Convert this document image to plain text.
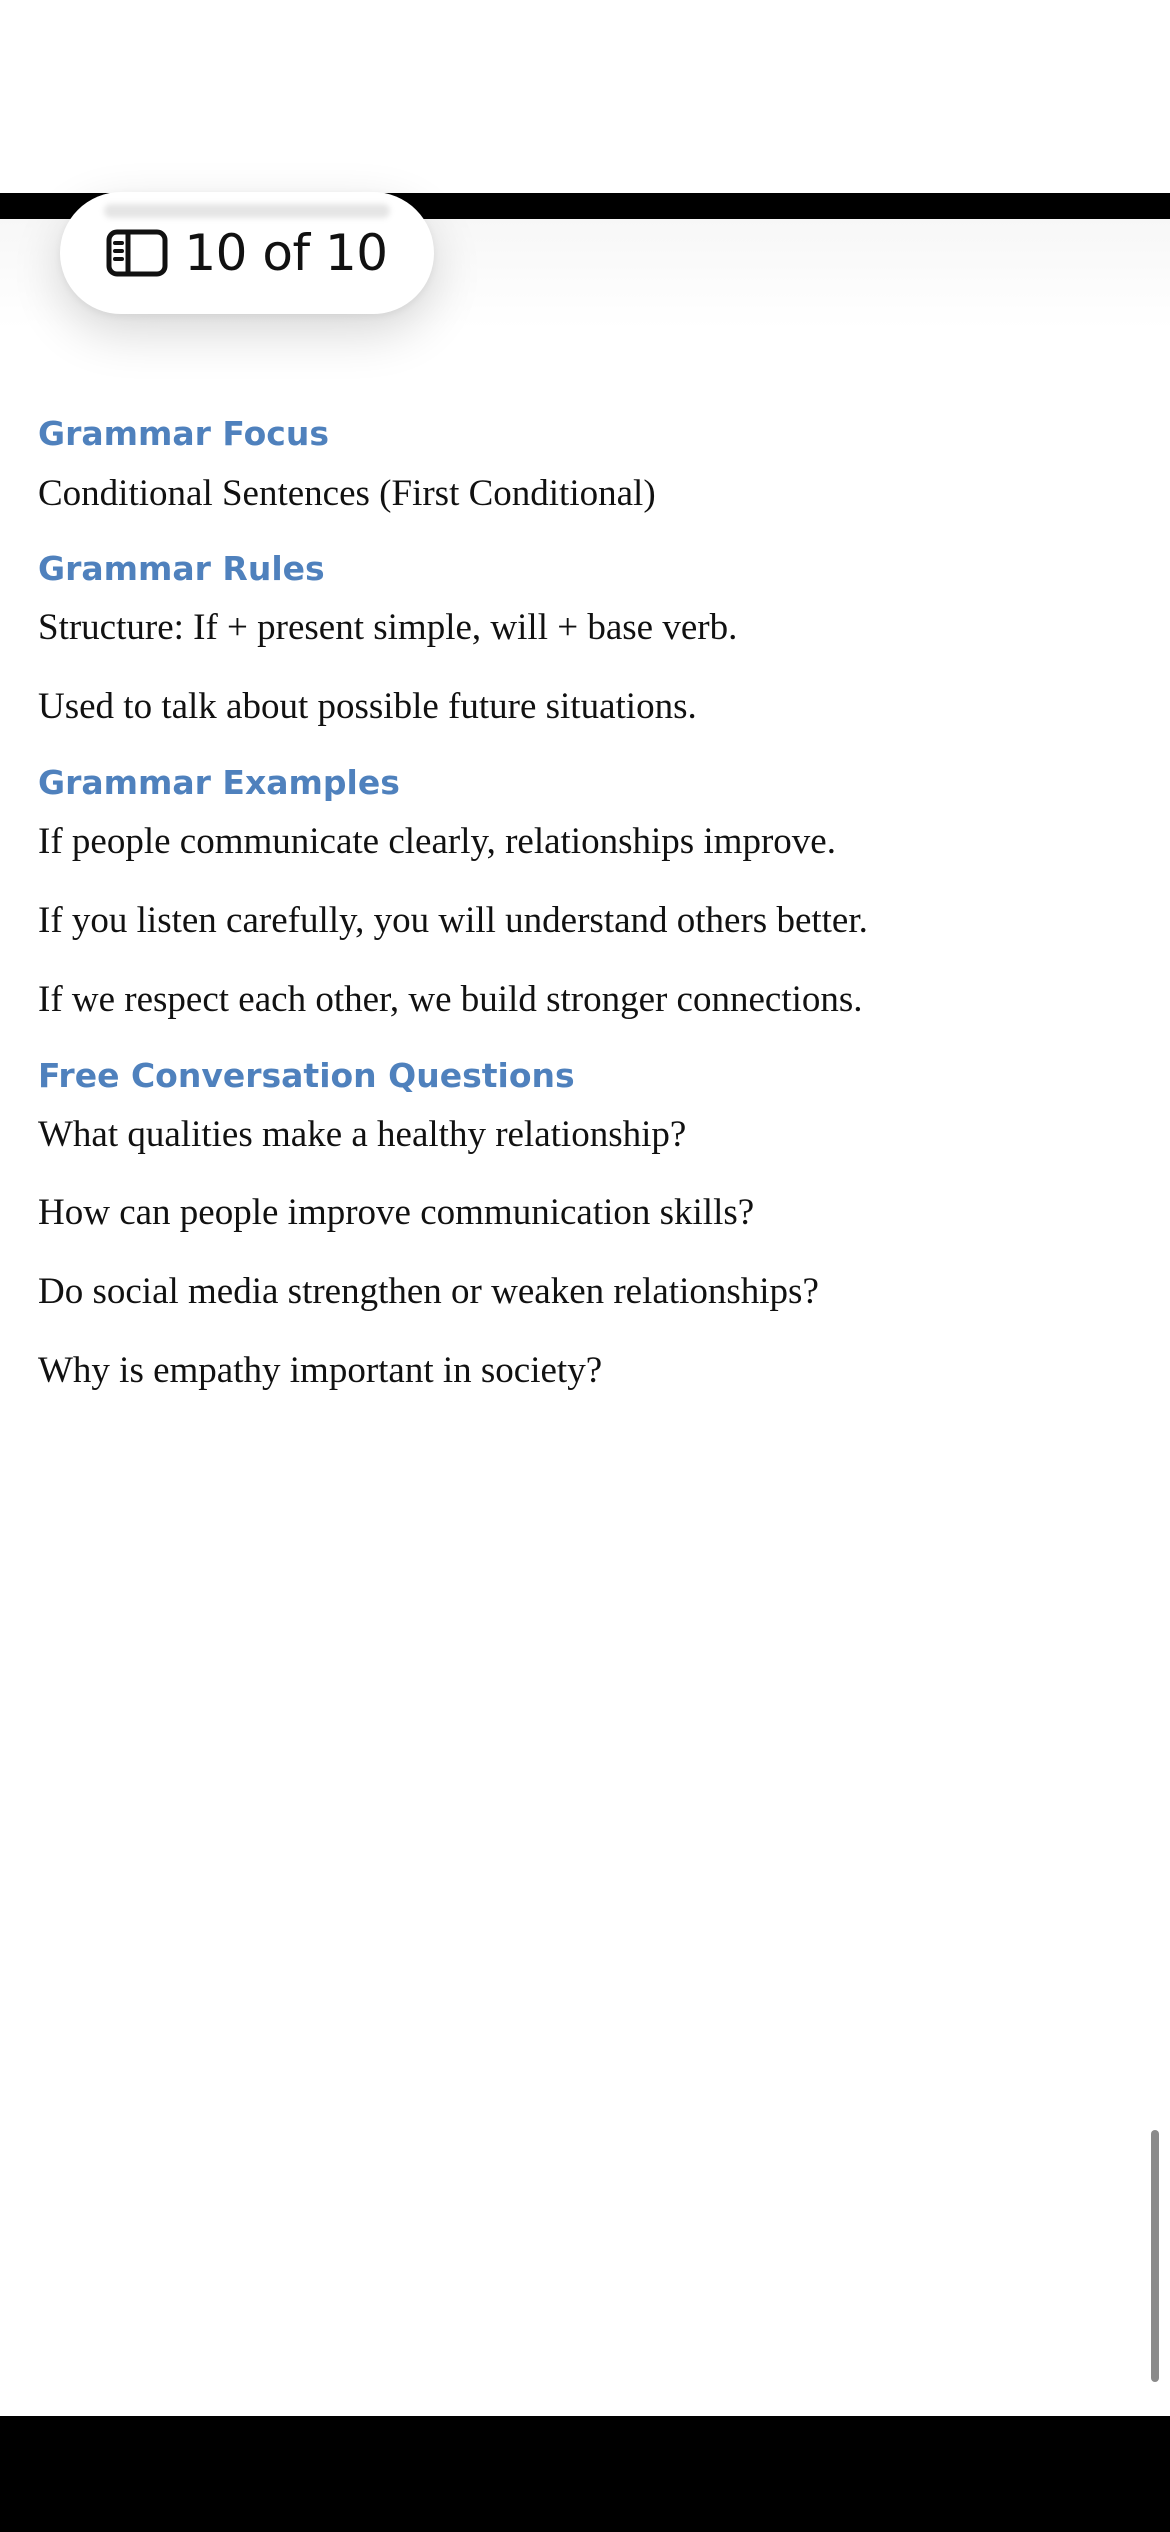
Grammar Focus

Conditional Sentences (First Conditional)

Grammar Rules

Structure: If + present simple, will + base verb.

Used to talk about possible future situations.

Grammar Examples

If people communicate clearly, relationships improve.

If you listen carefully, you will understand others better.

If we respect each other, we build stronger connections.

Free Conversation Questions

What qualities make a healthy relationship?

How can people improve communication skills?

Do social media strengthen or weaken relationships?

Why is empathy important in society?

10 of 10
